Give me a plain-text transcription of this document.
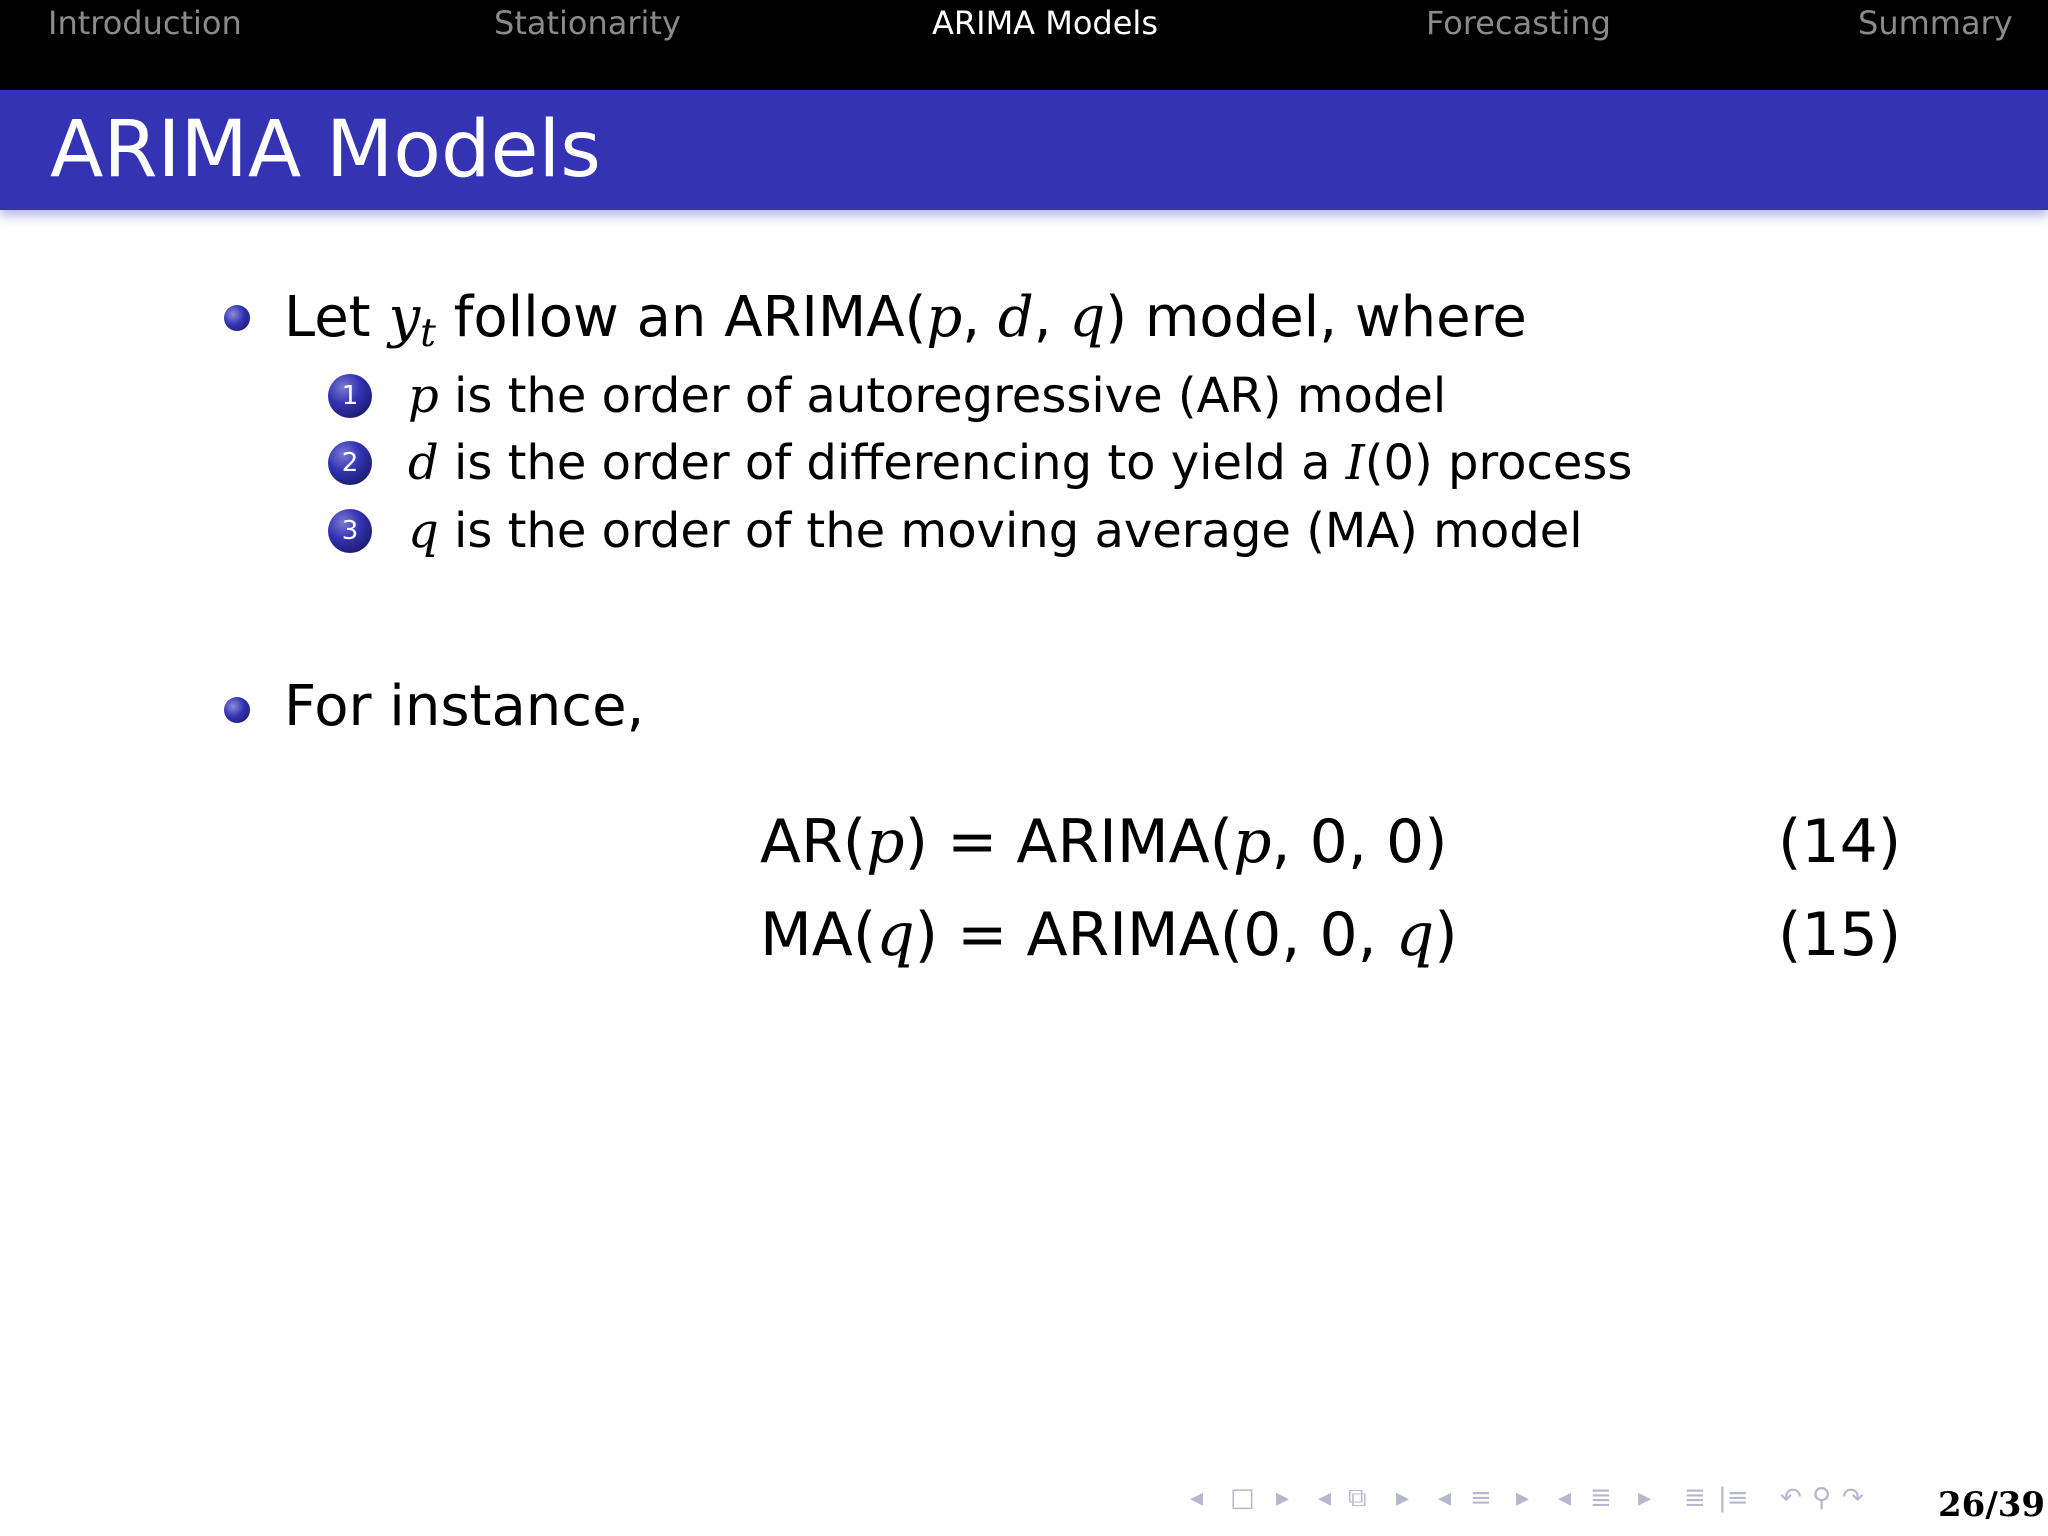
Introduction	Stationarity	ARIMA Models	Forecasting	Summary
ARIMA Models
Let $y_t$ follow an ARIMA(p, d, q) model, where
1 p is the order of autoregressive (AR) model
2 d is the order of differencing to yield a I(0) process
3 q is the order of the moving average (MA) model
For instance,
AR(p) = ARIMA(p, 0, 0)	(14)
MA(q) = ARIMA(0, 0, q)	(15)
◂ □ ▸ ◂ ⧉ ▸ ◂ ≡ ▸ ◂ ≣ ▸ ≣ |≡ ↶ ⚲ ↷ 26/39
